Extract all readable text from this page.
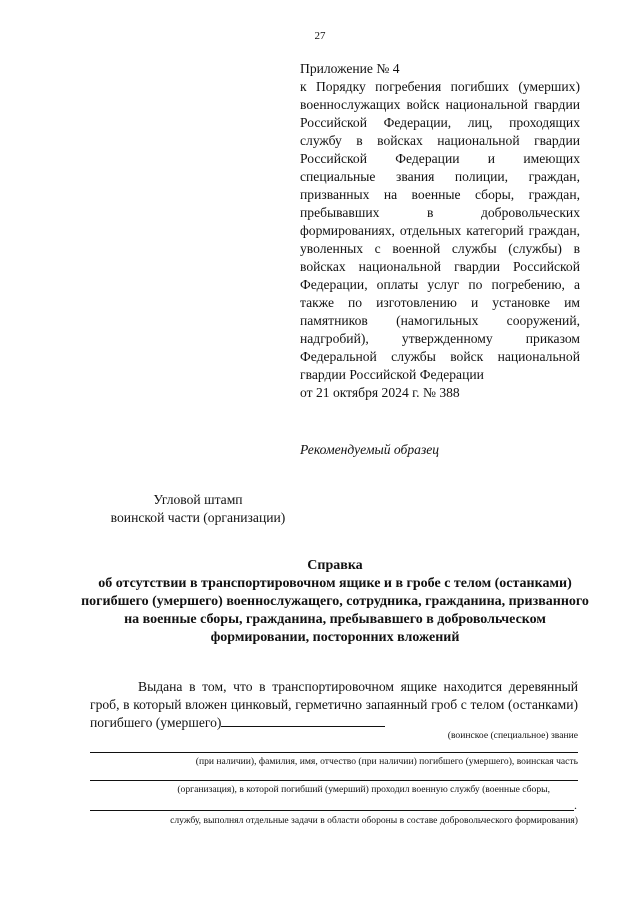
27
Приложение № 4
к Порядку погребения погибших (умерших) военнослужащих войск национальной гвардии Российской Федерации, лиц, проходящих службу в войсках национальной гвардии Российской Федерации и имеющих специальные звания полиции, граждан, призванных на военные сборы, граждан, пребывавших в добровольческих формированиях, отдельных категорий граждан, уволенных с военной службы (службы) в войсках национальной гвардии Российской Федерации, оплаты услуг по погребению, а также по изготовлению и установке им памятников (намогильных сооружений, надгробий), утвержденному приказом Федеральной службы войск национальной гвардии Российской Федерации
от 21 октября 2024 г. № 388
Рекомендуемый образец
Угловой штамп
воинской части (организации)
Справка
об отсутствии в транспортировочном ящике и в гробе с телом (останками) погибшего (умершего) военнослужащего, сотрудника, гражданина, призванного на военные сборы, гражданина, пребывавшего в добровольческом формировании, посторонних вложений

Выдана в том, что в транспортировочном ящике находится деревянный гроб, в который вложен цинковый, герметично запаянный гроб с телом (останками) погибшего (умершего)

(воинское (специальное) звание
(при наличии), фамилия, имя, отчество (при наличии) погибшего (умершего), воинская часть
(организация), в которой погибший (умерший) проходил военную службу (военные сборы,
.
службу, выполнял отдельные задачи в области обороны в составе добровольческого формирования)
